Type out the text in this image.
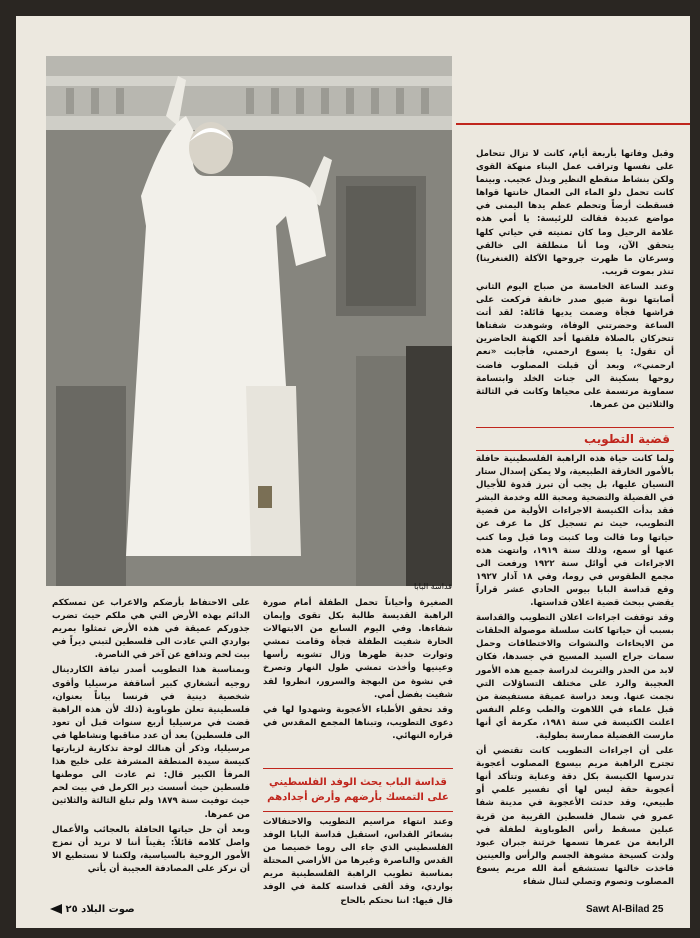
قداسة البابا

وقبل وفاتها بأربعة أيام، كانت لا تزال تتحامل على نفسها وتراقب عمل البناء منهكة القوى ولكن بنشاط منقطع النظير وبذل عجيب. وبينما كانت تحمل دلو الماء الى العمال خانتها قواها فسقطت أرضاً وتحطم عظم يدها اليمنى في مواضع عديدة فقالت للرئيسة: يا أمي هذه علامة الرحيل وما كان تمنيته في حياتي كلها يتحقق الآن، وما أنا منطلقة الى خالقي وسرعان ما ظهرت جروحها الآكلة (الغنغرينا) تنذر بموت قريب.

وعند الساعة الخامسة من صباح اليوم الثاني أصابتها نوبة ضيق صدر خانقة فركعت على فراشها فجأة وضمت يديها قائلة: لقد أتت الساعة وحضرتني الوفاة، وشوهدت شفتاها تتحركان بالصلاة فلقنها أحد الكهنة الحاضرين أن تقول: يا يسوع ارحمني، فأجابت «نعم ارحمني»، وبعد أن قبلت المصلوب فاضت روحها بسكينة الى جنات الخلد وابتسامة سماوية مرتسمة على محياها وكانت في الثالثة والثلاثين من عمرها.

قضية التطويب

ولما كانت حياة هذه الراهبة الفلسطينية حافلة بالأمور الخارقة الطبيعية، ولا يمكن إسدال ستار النسيان عليها، بل يجب أن تبرز قدوة للأجيال في الفضيلة والتضحية ومحبة الله وخدمة البشر فقد بدأت الكنيسة الاجراءات الأولية من قضية التطويب، حيث تم تسجيل كل ما عرف عن حياتها وما قالت وما كتبت وما قيل وما كتب عنها أو سمع، وذلك سنة ١٩١٩، وانتهت هذه الاجراءات في أوائل سنة ١٩٢٢ ورفعت الى مجمع الطقوس في روما، وفي ١٨ آذار ١٩٢٧ وقع قداسة البابا بيوس الحادي عشر قراراً يقضي ببحث قضية اعلان قداستها.

وقد توقفت اجراءات اعلان التطويب والقداسة بسبب أن حياتها كانت سلسلة موصولة الحلقات من الايحاءات والنشوات والاختطافات وحمل سمات جراح السيد المسيح في جسدها، فكان لابد من الحذر والتريث لدراسة جميع هذه الأمور العجيبة والرد على مختلف التساؤلات التي نجمت عنها. وبعد دراسة عميقة مستفيضة من قبل علماء في اللاهوت والطب وعلم النفس اعلنت الكنيسة في سنة ١٩٨١، مكرمة أي أنها مارست الفضيلة ممارسة بطولية.

على أن اجراءات التطويب كانت تقتضي أن تجترح الراهبة مريم بيسوع المصلوب أعجوبة تدرسها الكنيسة بكل دقة وعناية وتتأكد أنها أعجوبة حقة ليس لها أي تفسير علمي أو طبيعي، وقد حدثت الأعجوبة في مدينة شفا عمرو في شمال فلسطين القريبة من قرية عبلين مسقط رأس الطوباوية لطفلة في الرابعة من عمرها تسمها خرثنة جبران عبود ولدت كسيحة مشوهة الجسم والرأس والعينين فاخذت خالتها تستشفع أمة الله مريم يسوع المصلوب وتصوم وتصلي لتنال شفاء

الصغيرة وأحياناً تحمل الطفلة أمام صورة الراهبة القديسة طالبة بكل تقوى وإيمان شفاءها. وفي اليوم السابع من الابتهالات الحارة شفيت الطفلة فجأة وقامت تمشي وتوارت حدبة ظهرها وزال تشويه رأسها وعينيها وأخذت تمشي طول النهار وتصرخ في نشوة من البهجة والسرور، انظروا لقد شفيت بفضل أمي.

وقد تحقق الأطباء الأعجوبة وشهدوا لها في دعوى التطويب، وتبناها المجمع المقدس في قراره النهائي.

قداسة الباب يحث الوفد الفلسطيني على التمسك بأرضهم وأرض أجدادهم

وعند انتهاء مراسيم التطويب والاحتفالات بشعائر القداس، استقبل قداسة البابا الوفد الفلسطيني الذي جاء الى روما خصيصا من القدس والناصرة وغيرها من الأراضي المحتلة بمناسبة تطويب الراهبة الفلسطينية مريم بواردي، وقد ألقى قداسته كلمة في الوفد قال فيها: اننا نحتكم بالحاح

على الاحتفاظ بأرضكم والاعراب عن تمسككم الدائم بهذه الأرض التي هي ملكم حيث تضرب جذوركم عميقة في هذه الأرض تمثلوا بمريم بواردي التي عادت الى فلسطين لتبني ديراً في بيت لحم وتدافع عن آخر في الناصرة.

وبمناسبة هذا التطويب أصدر نيافة الكاردينال روجيه أتشغاري كبير أساقفة مرسيليا وأقوى شخصية دينية في فرنسا بياناً بعنوان، فلسطينية تعلن طوباوية (ذلك لأن هذه الراهبة قضت في مرسيليا أربع سنوات قبل أن تعود الى فلسطين) بعد أن عدد مناقبها ونشاطها في مرسيليا، وذكر أن هنالك لوحة تذكارية لزيارتها كنيسة سيدة المنطقة المشرفة على خليج هذا المرفأ الكبير قال: ثم عادت الى موطنها فلسطين حيث أسست دير الكرمل في بيت لحم حيث توفيت سنة ١٨٧٩ ولم تبلغ الثالثة والثلاثين من عمرها.

وبعد أن حل حياتها الحافلة بالعجائب والأعمال واصل كلامه قائلاً: يقيناً أننا لا نريد أن نمزج الأمور الروحية بالسياسية، ولكننا لا نستطيع الا أن نركز على المصادفة العجيبة أن يأتي

صوت البلاد ٢٥	Sawt Al-Bilad 25
